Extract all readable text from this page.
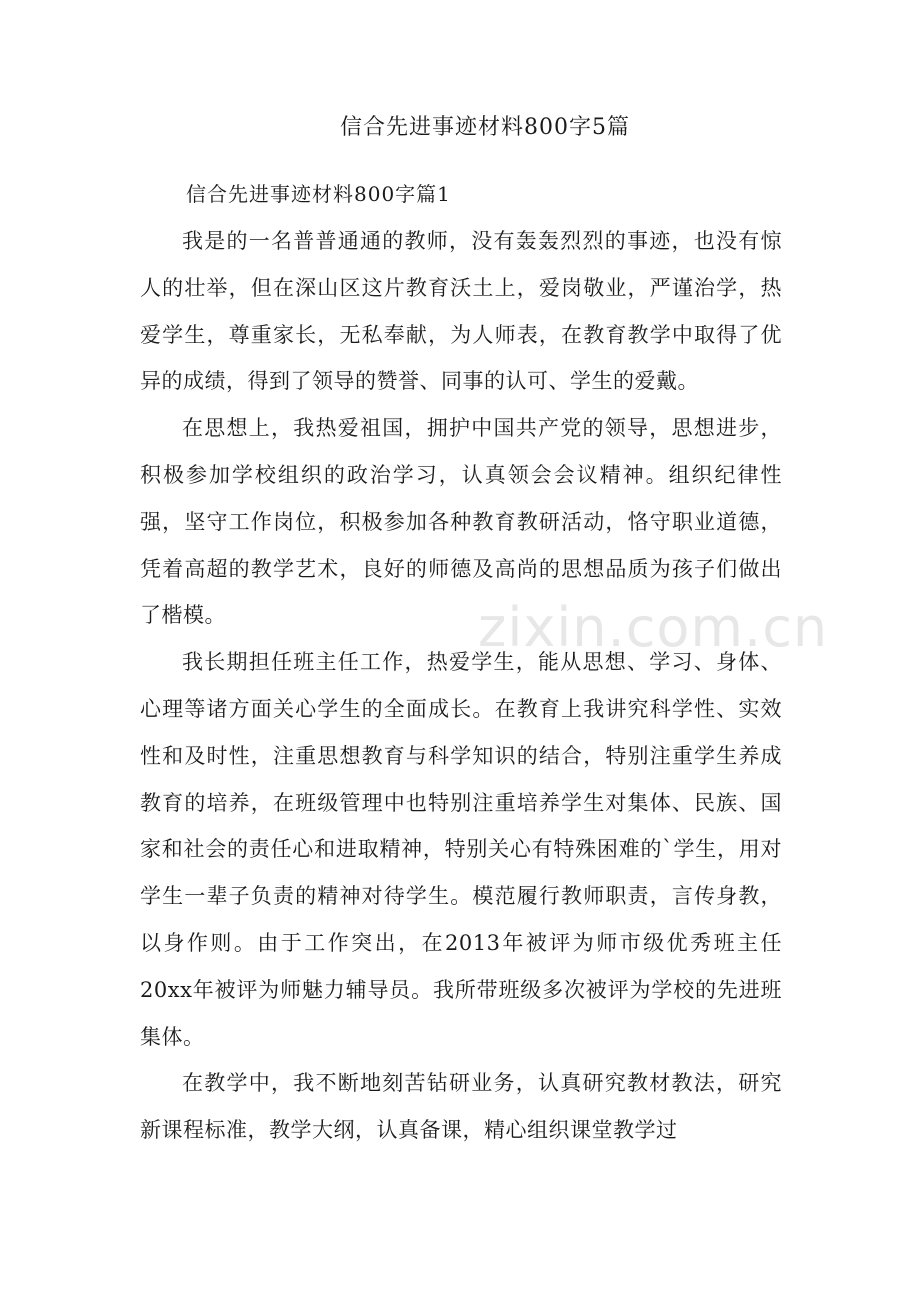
信合先进事迹材料800字5篇
信合先进事迹材料800字篇1

我是的一名普普通通的教师，没有轰轰烈烈的事迹，也没有惊人的壮举，但在深山区这片教育沃土上，爱岗敬业，严谨治学，热爱学生，尊重家长，无私奉献，为人师表，在教育教学中取得了优异的成绩，得到了领导的赞誉、同事的认可、学生的爱戴。

在思想上，我热爱祖国，拥护中国共产党的领导，思想进步，积极参加学校组织的政治学习，认真领会会议精神。组织纪律性强，坚守工作岗位，积极参加各种教育教研活动，恪守职业道德，凭着高超的教学艺术，良好的师德及高尚的思想品质为孩子们做出了楷模。

我长期担任班主任工作，热爱学生，能从思想、学习、身体、心理等诸方面关心学生的全面成长。在教育上我讲究科学性、实效性和及时性，注重思想教育与科学知识的结合，特别注重学生养成教育的培养，在班级管理中也特别注重培养学生对集体、民族、国家和社会的责任心和进取精神，特别关心有特殊困难的`学生，用对学生一辈子负责的精神对待学生。模范履行教师职责，言传身教，以身作则。由于工作突出，在2013年被评为师市级优秀班主任20xx年被评为师魅力辅导员。我所带班级多次被评为学校的先进班集体。

在教学中，我不断地刻苦钻研业务，认真研究教材教法，研究新课程标准，教学大纲，认真备课，精心组织课堂教学过

zixin.com.cn
